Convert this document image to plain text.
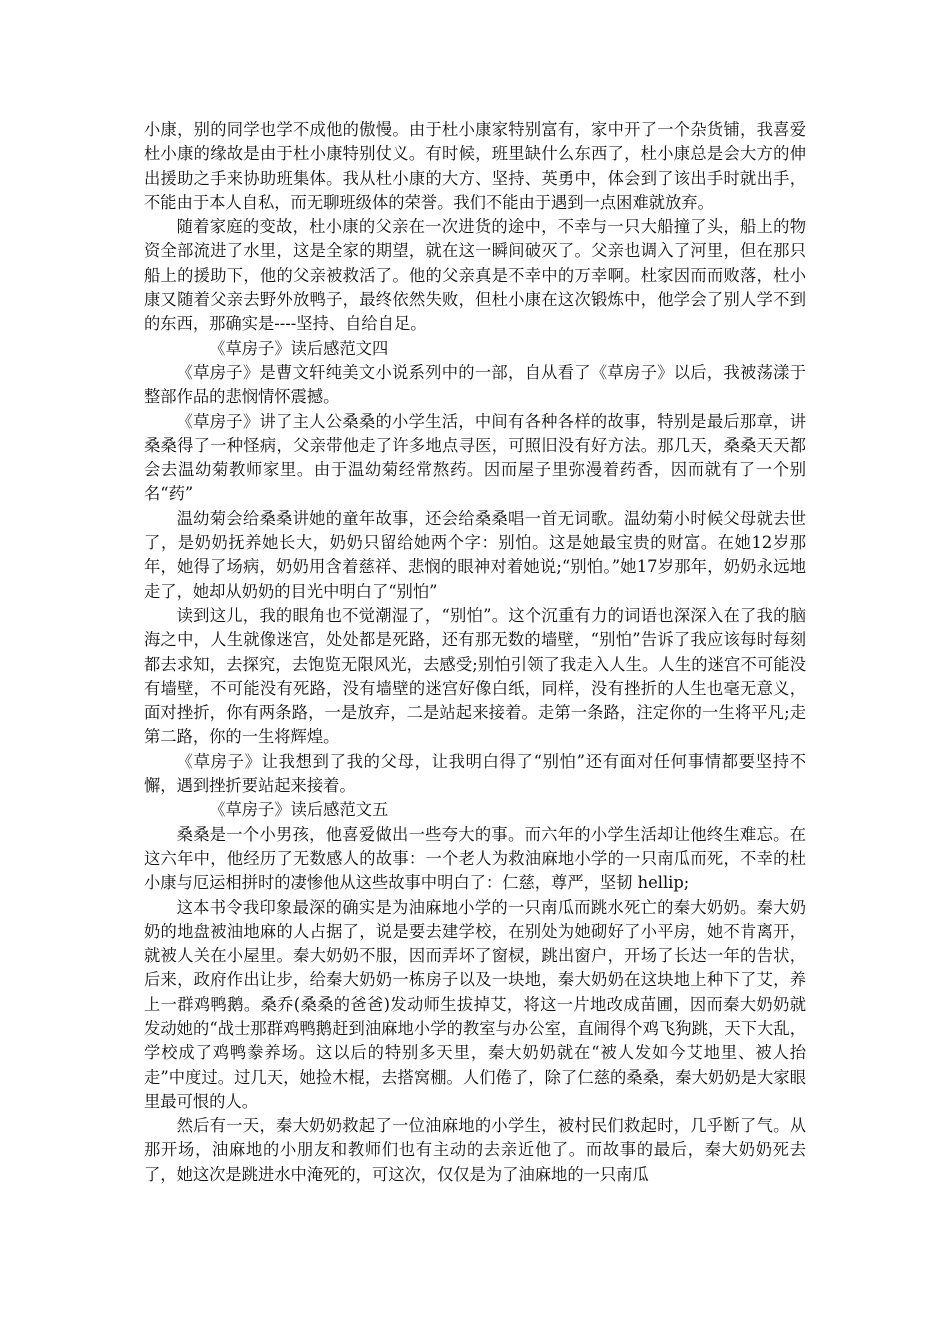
小康，别的同学也学不成他的傲慢。由于杜小康家特别富有，家中开了一个杂货铺，我喜爱杜小康的缘故是由于杜小康特别仗义。有时候，班里缺什么东西了，杜小康总是会大方的伸出援助之手来协助班集体。我从杜小康的大方、坚持、英勇中，体会到了该出手时就出手，不能由于本人自私，而无聊班级体的荣誉。我们不能由于遇到一点困难就放弃。

随着家庭的变故，杜小康的父亲在一次进货的途中，不幸与一只大船撞了头，船上的物资全部流进了水里，这是全家的期望，就在这一瞬间破灭了。父亲也调入了河里，但在那只船上的援助下，他的父亲被救活了。他的父亲真是不幸中的万幸啊。杜家因而而败落，杜小康又随着父亲去野外放鸭子，最终依然失败，但杜小康在这次锻炼中，他学会了别人学不到的东西，那确实是----坚持、自给自足。

《草房子》读后感范文四

《草房子》是曹文轩纯美文小说系列中的一部，自从看了《草房子》以后，我被荡漾于整部作品的悲悯情怀震撼。

《草房子》讲了主人公桑桑的小学生活，中间有各种各样的故事，特别是最后那章，讲桑桑得了一种怪病，父亲带他走了许多地点寻医，可照旧没有好方法。那几天，桑桑天天都会去温幼菊教师家里。由于温幼菊经常熬药。因而屋子里弥漫着药香，因而就有了一个别名“药”

温幼菊会给桑桑讲她的童年故事，还会给桑桑唱一首无词歌。温幼菊小时候父母就去世了，是奶奶抚养她长大，奶奶只留给她两个字：别怕。这是她最宝贵的财富。在她12岁那年，她得了场病，奶奶用含着慈祥、悲悯的眼神对着她说;“别怕。”她17岁那年，奶奶永远地走了，她却从奶奶的目光中明白了“别怕”

读到这儿，我的眼角也不觉潮湿了，“别怕”。这个沉重有力的词语也深深入在了我的脑海之中，人生就像迷宫，处处都是死路，还有那无数的墙壁，“别怕”告诉了我应该每时每刻都去求知，去探究，去饱览无限风光，去感受;别怕引领了我走入人生。人生的迷宫不可能没有墙壁，不可能没有死路，没有墙壁的迷宫好像白纸，同样，没有挫折的人生也毫无意义，面对挫折，你有两条路，一是放弃，二是站起来接着。走第一条路，注定你的一生将平凡;走第二路，你的一生将辉煌。

《草房子》让我想到了我的父母，让我明白得了“别怕”还有面对任何事情都要坚持不懈，遇到挫折要站起来接着。

《草房子》读后感范文五

桑桑是一个小男孩，他喜爱做出一些夸大的事。而六年的小学生活却让他终生难忘。在这六年中，他经历了无数感人的故事：一个老人为救油麻地小学的一只南瓜而死，不幸的杜小康与厄运相拼时的凄惨他从这些故事中明白了：仁慈，尊严，坚韧 hellip;

这本书令我印象最深的确实是为油麻地小学的一只南瓜而跳水死亡的秦大奶奶。秦大奶奶的地盘被油地麻的人占据了，说是要去建学校，在别处为她砌好了小平房，她不肯离开，就被人关在小屋里。秦大奶奶不服，因而弄坏了窗棂，跳出窗户，开场了长达一年的告状，后来，政府作出让步，给秦大奶奶一栋房子以及一块地，秦大奶奶在这块地上种下了艾，养上一群鸡鸭鹅。桑乔(桑桑的爸爸)发动师生拔掉艾，将这一片地改成苗圃，因而秦大奶奶就发动她的“战士那群鸡鸭鹅赶到油麻地小学的教室与办公室，直闹得个鸡飞狗跳，天下大乱，学校成了鸡鸭豢养场。这以后的特别多天里，秦大奶奶就在“被人发如今艾地里、被人抬走”中度过。过几天，她捡木棍，去搭窝棚。人们倦了，除了仁慈的桑桑，秦大奶奶是大家眼里最可恨的人。

然后有一天，秦大奶奶救起了一位油麻地的小学生，被村民们救起时，几乎断了气。从那开场，油麻地的小朋友和教师们也有主动的去亲近他了。而故事的最后，秦大奶奶死去了，她这次是跳进水中淹死的，可这次，仅仅是为了油麻地的一只南瓜
